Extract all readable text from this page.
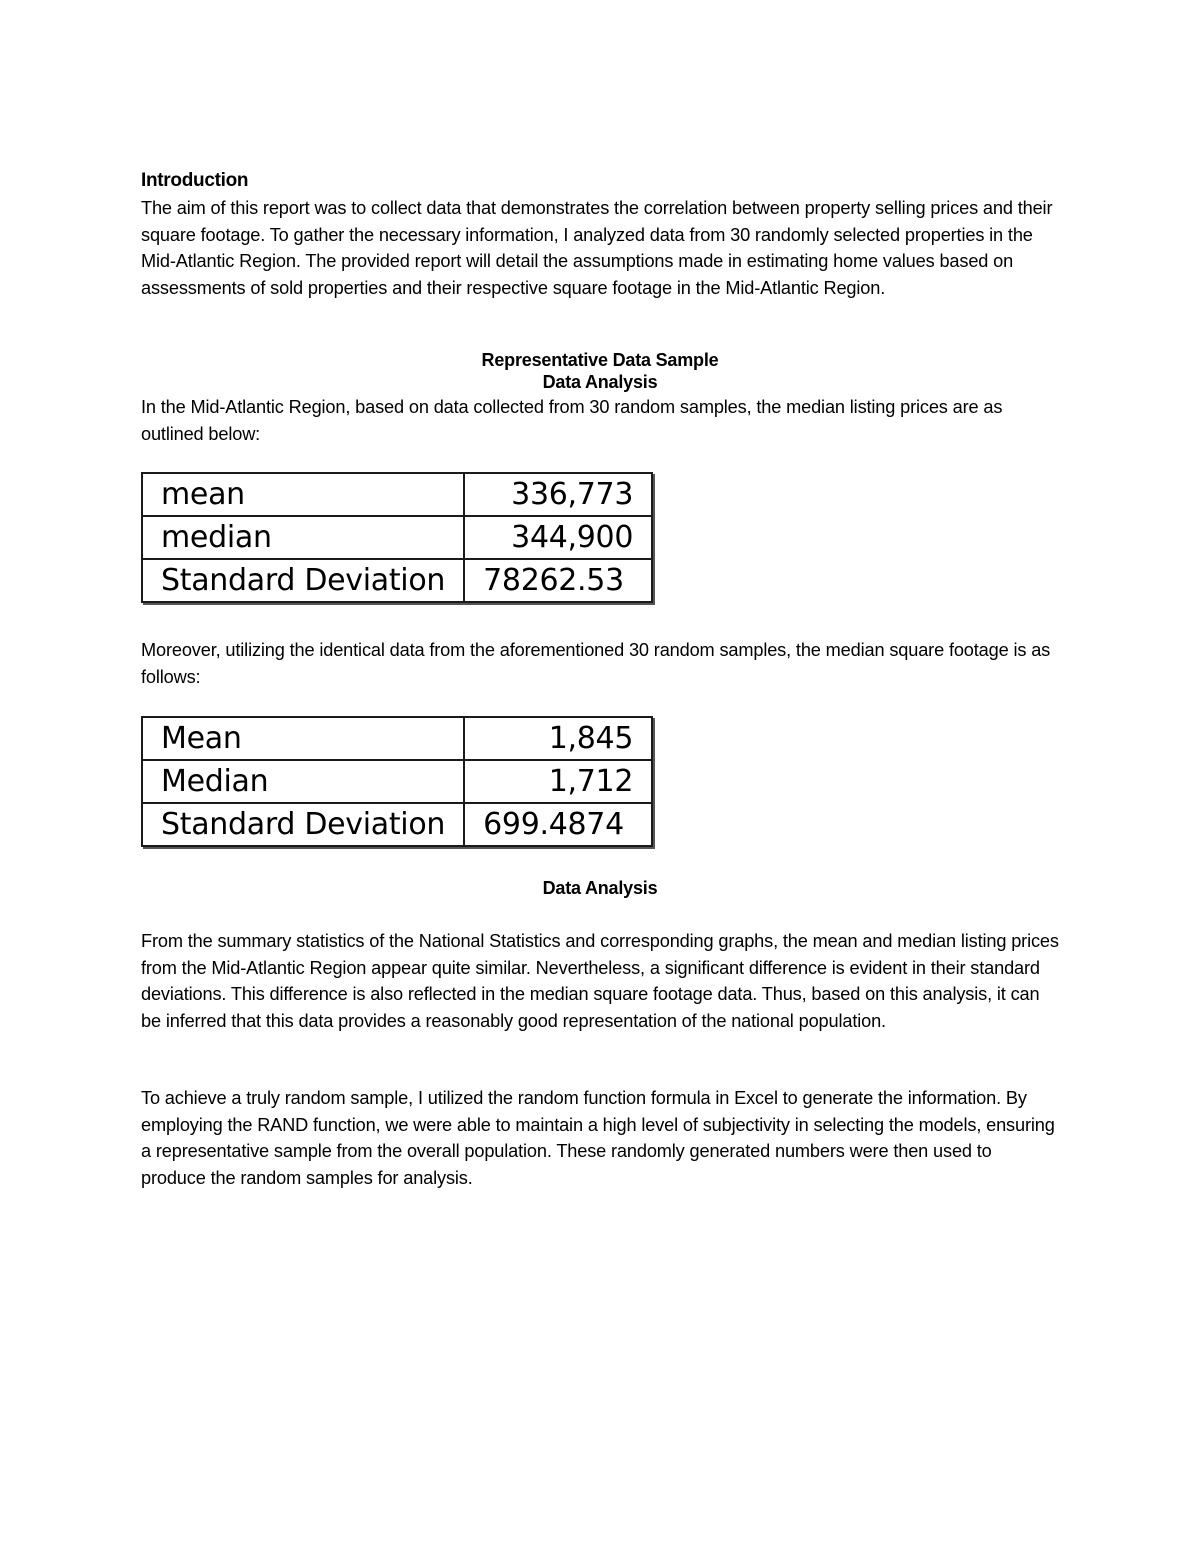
Introduction

The aim of this report was to collect data that demonstrates the correlation between property selling prices and their square footage. To gather the necessary information, I analyzed data from 30 randomly selected properties in the Mid-Atlantic Region. The provided report will detail the assumptions made in estimating home values based on assessments of sold properties and their respective square footage in the Mid-Atlantic Region.

Representative Data Sample
Data Analysis

In the Mid-Atlantic Region, based on data collected from 30 random samples, the median listing prices are as outlined below:

mean	336,773
median	344,900
Standard Deviation	78262.53

Moreover, utilizing the identical data from the aforementioned 30 random samples, the median square footage is as follows:

Mean	1,845
Median	1,712
Standard Deviation	699.4874
Data Analysis

From the summary statistics of the National Statistics and corresponding graphs, the mean and median listing prices from the Mid-Atlantic Region appear quite similar. Nevertheless, a significant difference is evident in their standard deviations. This difference is also reflected in the median square footage data. Thus, based on this analysis, it can be inferred that this data provides a reasonably good representation of the national population.

To achieve a truly random sample, I utilized the random function formula in Excel to generate the information. By employing the RAND function, we were able to maintain a high level of subjectivity in selecting the models, ensuring a representative sample from the overall population. These randomly generated numbers were then used to produce the random samples for analysis.
